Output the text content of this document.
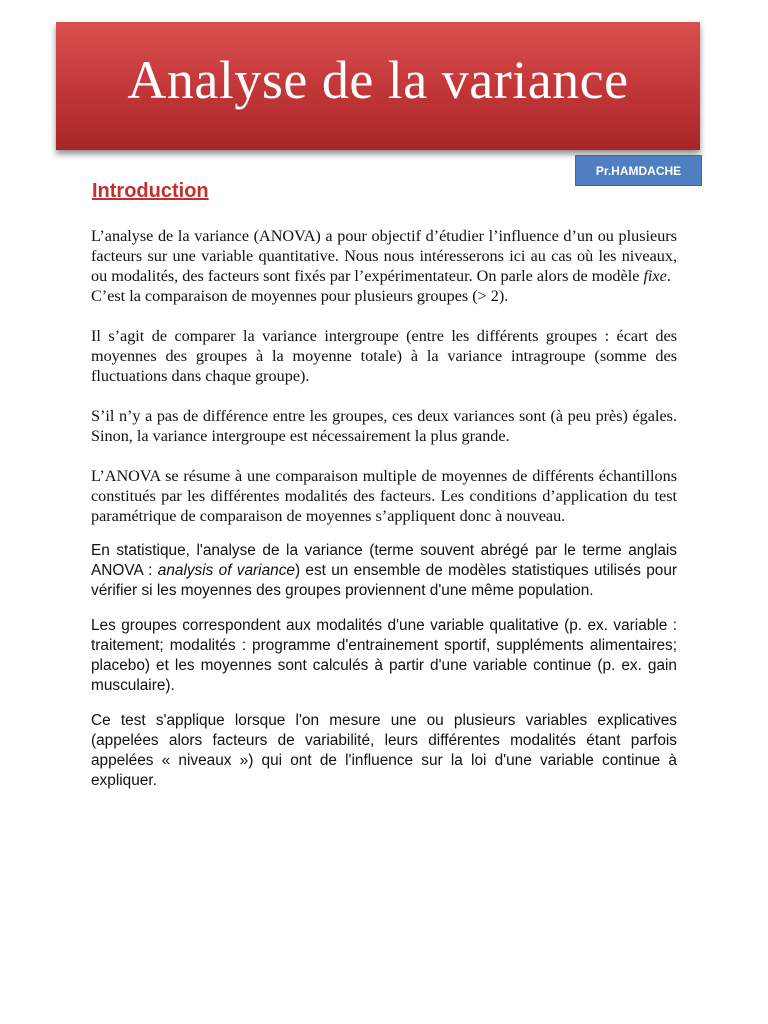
Analyse de la variance
Pr.HAMDACHE
Introduction

L’analyse de la variance (ANOVA) a pour objectif d’étudier l’influence d’un ou plusieurs facteurs sur une variable quantitative. Nous nous intéresserons ici au cas où les niveaux, ou modalités, des facteurs sont fixés par l’expérimentateur. On parle alors de modèle fixe.

C’est la comparaison de moyennes pour plusieurs groupes (> 2).

Il s’agit de comparer la variance intergroupe (entre les différents groupes : écart des moyennes des groupes à la moyenne totale) à la variance intragroupe (somme des fluctuations dans chaque groupe).

S’il n’y a pas de différence entre les groupes, ces deux variances sont (à peu près) égales. Sinon, la variance intergroupe est nécessairement la plus grande.

L’ANOVA se résume à une comparaison multiple de moyennes de différents échantillons constitués par les différentes modalités des facteurs. Les conditions d’application du test paramétrique de comparaison de moyennes s’appliquent donc à nouveau.

En statistique, l'analyse de la variance (terme souvent abrégé par le terme anglais ANOVA : analysis of variance) est un ensemble de modèles statistiques utilisés pour vérifier si les moyennes des groupes proviennent d'une même population.

Les groupes correspondent aux modalités d'une variable qualitative (p. ex. variable : traitement; modalités : programme d'entrainement sportif, suppléments alimentaires; placebo) et les moyennes sont calculés à partir d'une variable continue (p. ex. gain musculaire).

Ce test s'applique lorsque l'on mesure une ou plusieurs variables explicatives (appelées alors facteurs de variabilité, leurs différentes modalités étant parfois appelées « niveaux ») qui ont de l'influence sur la loi d'une variable continue à expliquer.
